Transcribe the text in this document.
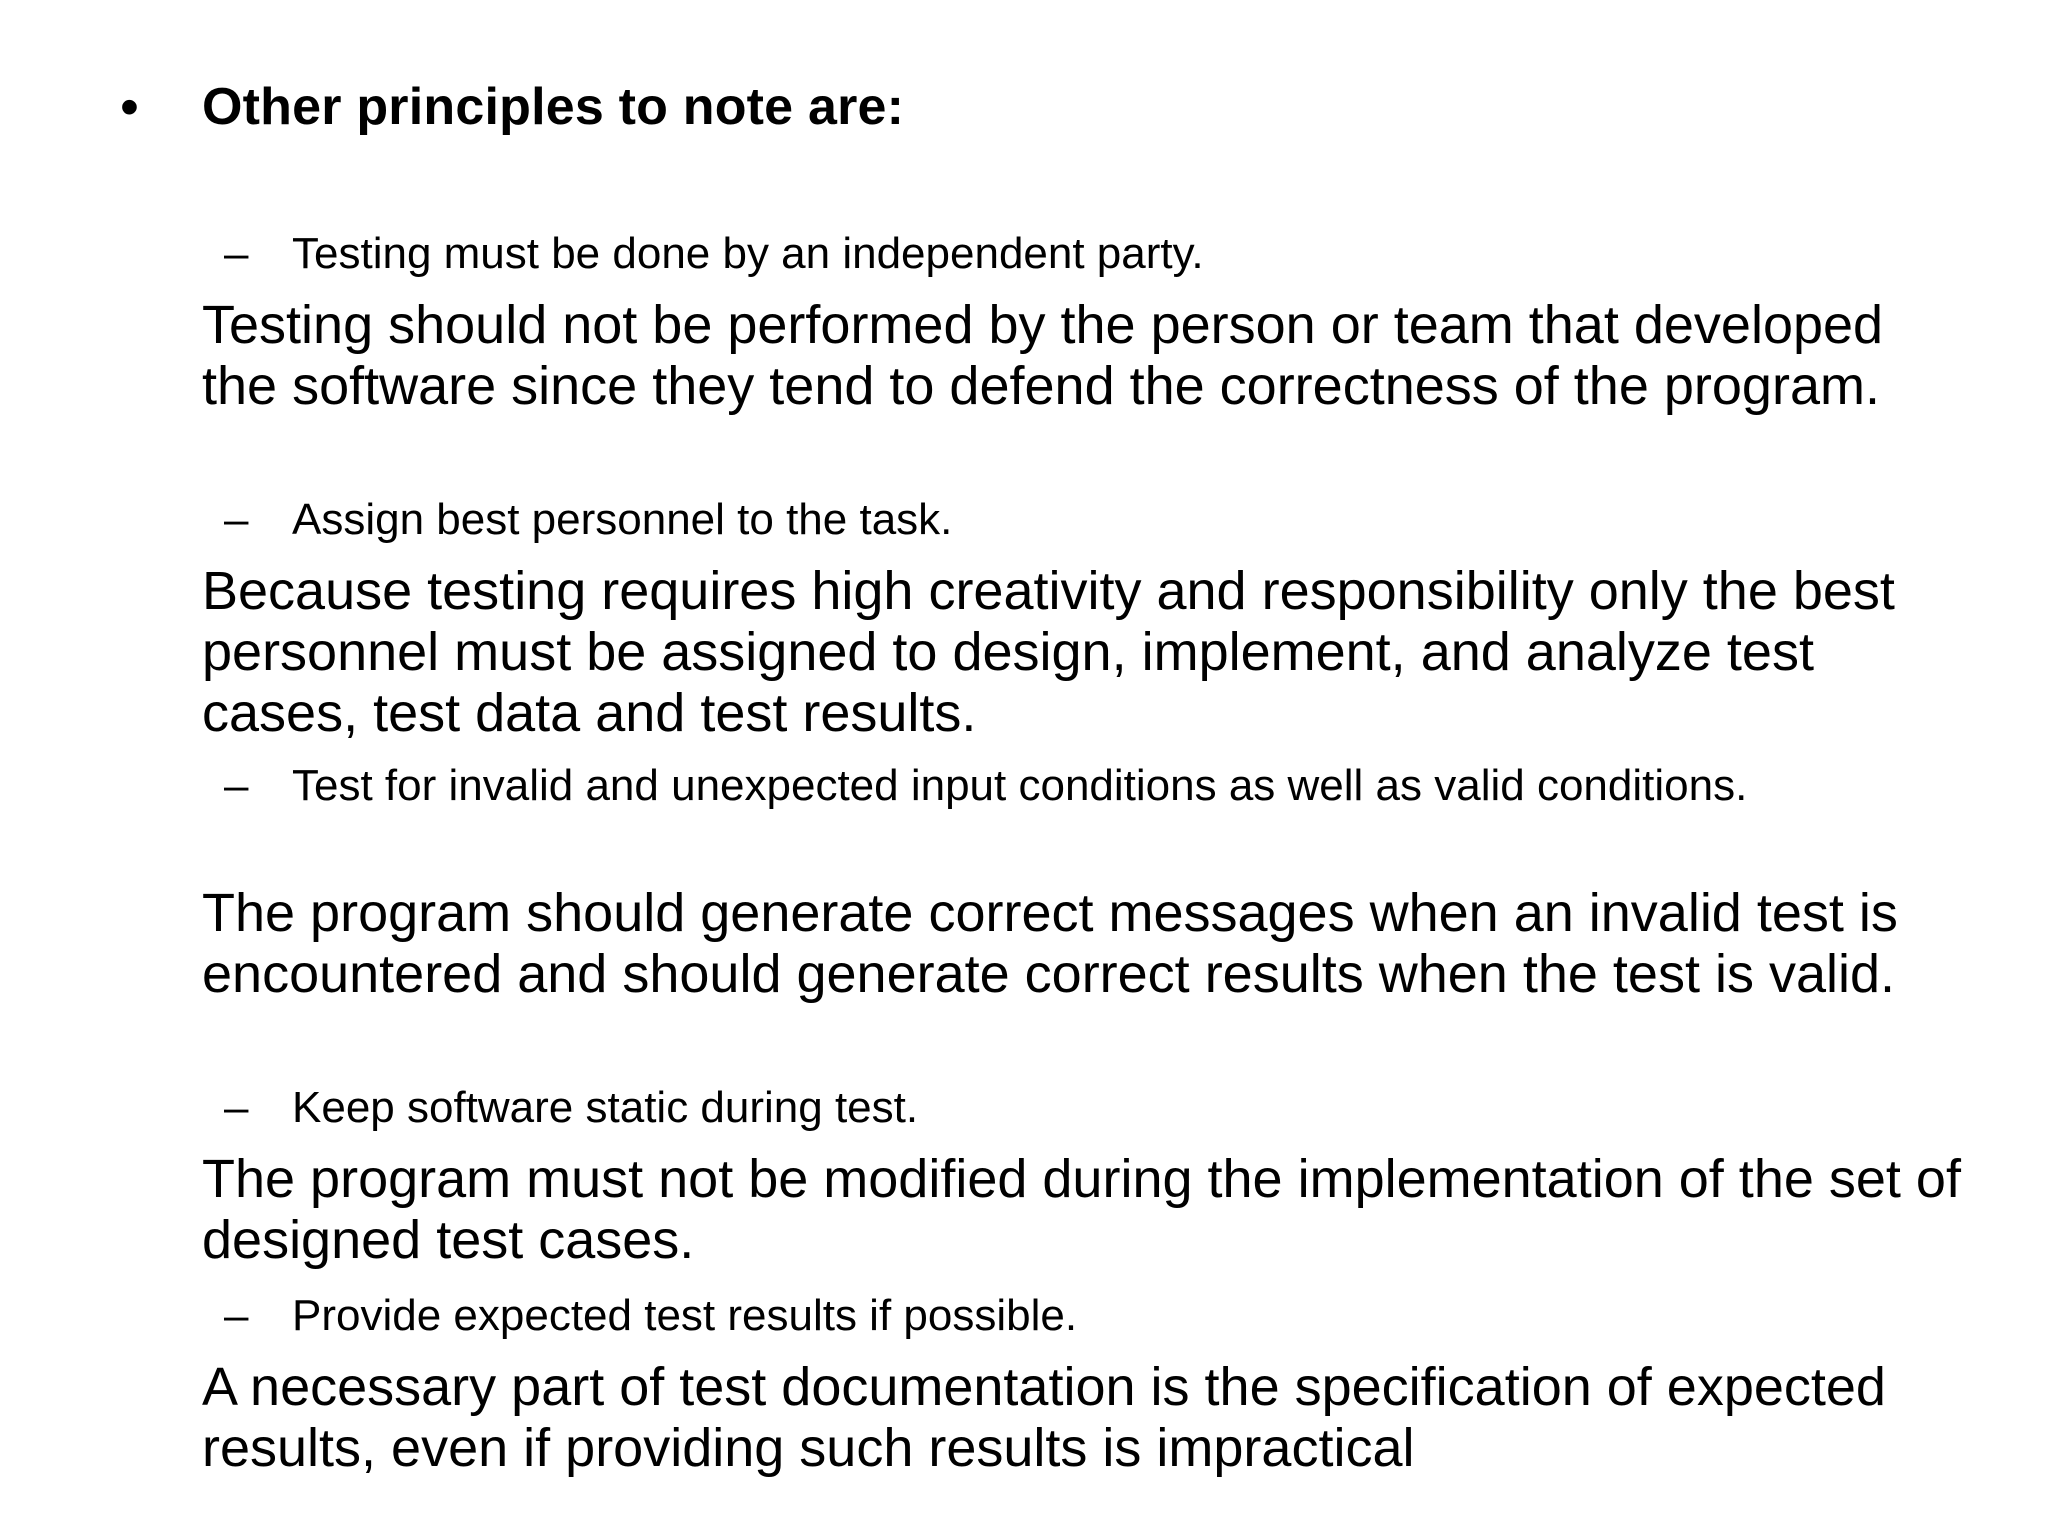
• Other principles to note are:
– Testing must be done by an independent party.
Testing should not be performed by the person or team that developed the software since they tend to defend the correctness of the program.
– Assign best personnel to the task.
Because testing requires high creativity and responsibility only the best personnel must be assigned to design, implement, and analyze test cases, test data and test results.
– Test for invalid and unexpected input conditions as well as valid conditions.
The program should generate correct messages when an invalid test is encountered and should generate correct results when the test is valid.
– Keep software static during test.
The program must not be modified during the implementation of the set of designed test cases.
– Provide expected test results if possible.
A necessary part of test documentation is the specification of expected results, even if providing such results is impractical
